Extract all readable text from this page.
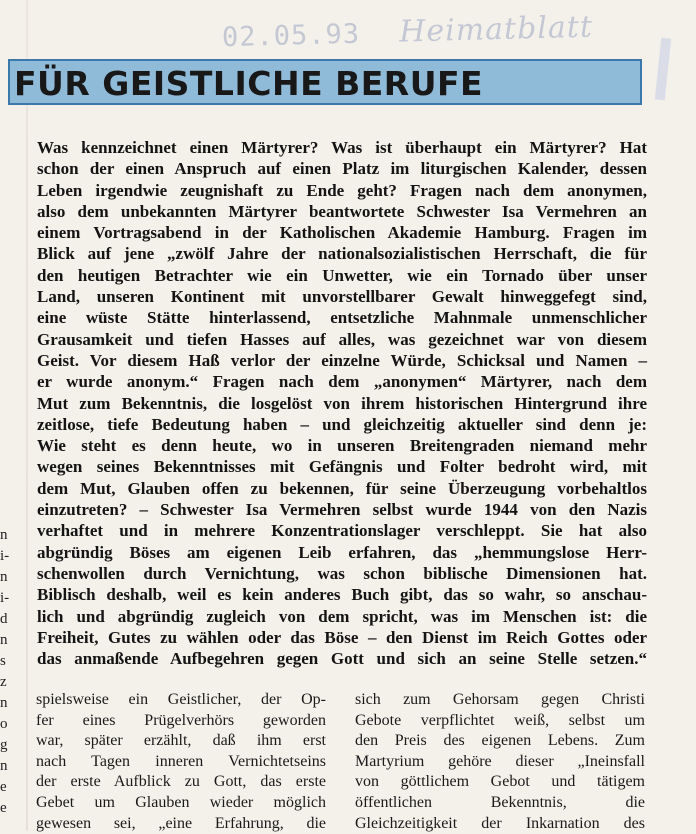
02.05.93 Heimatblatt
FÜR GEISTLICHE BERUFE
Was kennzeichnet einen Märtyrer? Was ist überhaupt ein Märtyrer? Hat
schon der einen Anspruch auf einen Platz im liturgischen Kalender, dessen
Leben irgendwie zeugnishaft zu Ende geht? Fragen nach dem anonymen,
also dem unbekannten Märtyrer beantwortete Schwester Isa Vermehren an
einem Vortragsabend in der Katholischen Akademie Hamburg. Fragen im
Blick auf jene „zwölf Jahre der nationalsozialistischen Herrschaft, die für
den heutigen Betrachter wie ein Unwetter, wie ein Tornado über unser
Land, unseren Kontinent mit unvorstellbarer Gewalt hinweggefegt sind,
eine wüste Stätte hinterlassend, entsetzliche Mahnmale unmenschlicher
Grausamkeit und tiefen Hasses auf alles, was gezeichnet war von diesem
Geist. Vor diesem Haß verlor der einzelne Würde, Schicksal und Namen –
er wurde anonym.“ Fragen nach dem „anonymen“ Märtyrer, nach dem
Mut zum Bekenntnis, die losgelöst von ihrem historischen Hintergrund ihre
zeitlose, tiefe Bedeutung haben – und gleichzeitig aktueller sind denn je:
Wie steht es denn heute, wo in unseren Breitengraden niemand mehr
wegen seines Bekenntnisses mit Gefängnis und Folter bedroht wird, mit
dem Mut, Glauben offen zu bekennen, für seine Überzeugung vorbehaltlos
einzutreten? – Schwester Isa Vermehren selbst wurde 1944 von den Nazis
verhaftet und in mehrere Konzentrationslager verschleppt. Sie hat also
abgründig Böses am eigenen Leib erfahren, das „hemmungslose Herr-
schenwollen durch Vernichtung, was schon biblische Dimensionen hat.
Biblisch deshalb, weil es kein anderes Buch gibt, das so wahr, so anschau-
lich und abgründig zugleich von dem spricht, was im Menschen ist: die
Freiheit, Gutes zu wählen oder das Böse – den Dienst im Reich Gottes oder
das anmaßende Aufbegehren gegen Gott und sich an seine Stelle setzen.“
n
i-
n
i-
d
n
s
z
n
o
g
n
e
e
spielsweise ein Geistlicher, der Op-
fer eines Prügelverhörs geworden
war, später erzählt, daß ihm erst
nach Tagen inneren Vernichtetseins
der erste Aufblick zu Gott, das erste
Gebet um Glauben wieder möglich
gewesen sei, „eine Erfahrung, die
sich zum Gehorsam gegen Christi
Gebote verpflichtet weiß, selbst um
den Preis des eigenen Lebens. Zum
Martyrium gehöre dieser „Ineinsfall
von göttlichem Gebot und tätigem
öffentlichen Bekenntnis, die
Gleichzeitigkeit der Inkarnation des
